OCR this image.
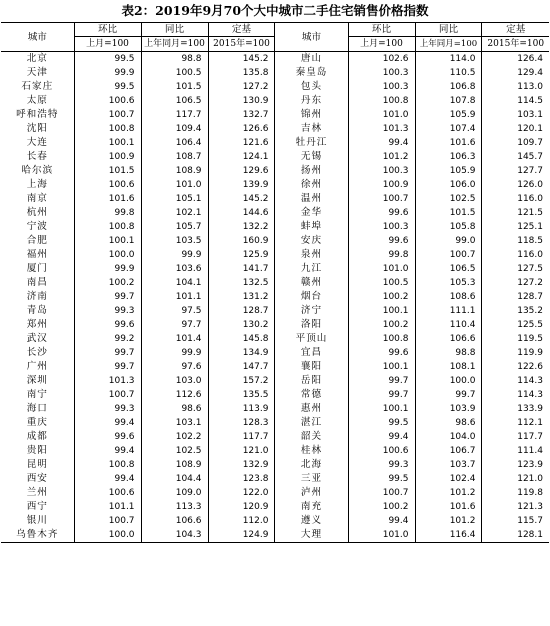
表2：2019年9月70个大中城市二手住宅销售价格指数
城市	环比	同比	定基	城市	环比	同比	定基
	上月=100	上年同月=100	2015年=100		上月=100	上年同月=100	2015年=100
北京	99.5	98.8	145.2	唐山	102.6	114.0	126.4
天津	99.9	100.5	135.8	秦皇岛	100.3	110.5	129.4
石家庄	99.5	101.5	127.2	包头	100.3	106.8	113.0
太原	100.6	106.5	130.9	丹东	100.8	107.8	114.5
呼和浩特	100.7	117.7	132.7	锦州	101.0	105.9	103.1
沈阳	100.8	109.4	126.6	吉林	101.3	107.4	120.1
大连	100.1	106.4	121.6	牡丹江	99.4	101.6	109.7
长春	100.9	108.7	124.1	无锡	101.2	106.3	145.7
哈尔滨	101.5	108.9	129.6	扬州	100.3	105.9	127.7
上海	100.6	101.0	139.9	徐州	100.9	106.0	126.0
南京	101.6	105.1	145.2	温州	100.7	102.5	116.0
杭州	99.8	102.1	144.6	金华	99.6	101.5	121.5
宁波	100.8	105.7	132.2	蚌埠	100.3	105.8	125.1
合肥	100.1	103.5	160.9	安庆	99.6	99.0	118.5
福州	100.0	99.9	125.9	泉州	99.8	100.7	116.0
厦门	99.9	103.6	141.7	九江	101.0	106.5	127.5
南昌	100.2	104.1	132.5	赣州	100.5	105.3	127.2
济南	99.7	101.1	131.2	烟台	100.2	108.6	128.7
青岛	99.3	97.5	128.7	济宁	100.1	111.1	135.2
郑州	99.6	97.7	130.2	洛阳	100.2	110.4	125.5
武汉	99.2	101.4	145.8	平顶山	100.8	106.6	119.5
长沙	99.7	99.9	134.9	宜昌	99.6	98.8	119.9
广州	99.7	97.6	147.7	襄阳	100.1	108.1	122.6
深圳	101.3	103.0	157.2	岳阳	99.7	100.0	114.3
南宁	100.7	112.6	135.5	常德	99.7	99.7	114.3
海口	99.3	98.6	113.9	惠州	100.1	103.9	133.9
重庆	99.4	103.1	128.3	湛江	99.5	98.6	112.1
成都	99.6	102.2	117.7	韶关	99.4	104.0	117.7
贵阳	99.4	102.5	121.0	桂林	100.6	106.7	111.4
昆明	100.8	108.9	132.9	北海	99.3	103.7	123.9
西安	99.4	104.4	123.8	三亚	99.5	102.4	121.0
兰州	100.6	109.0	122.0	泸州	100.7	101.2	119.8
西宁	101.1	113.3	120.9	南充	100.2	101.6	121.3
银川	100.7	106.6	112.0	遵义	99.4	101.2	115.7
乌鲁木齐	100.0	104.3	124.9	大理	101.0	116.4	128.1
